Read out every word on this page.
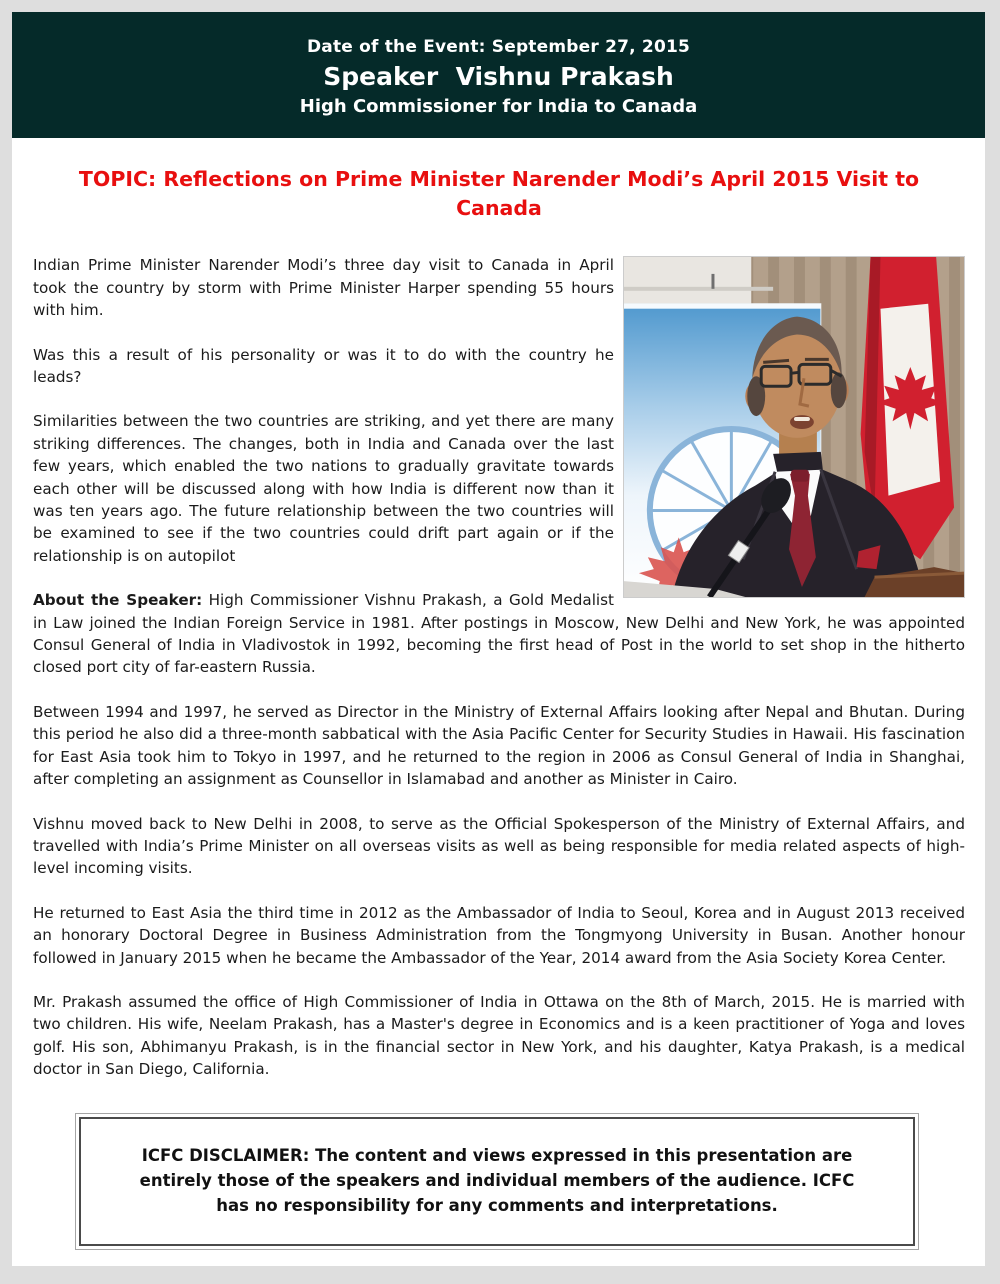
Date of the Event: September 27, 2015
Speaker  Vishnu Prakash
High Commissioner for India to Canada
TOPIC: Reflections on Prime Minister Narender Modi’s April 2015 Visit to Canada

Indian Prime Minister Narender Modi’s three day visit to Canada in April took the country by storm with Prime Minister Harper spending 55 hours with him.

Was this a result of his personality or was it to do with the country he leads?

Similarities between the two countries are striking, and yet there are many striking differences. The changes, both in India and Canada over the last few years, which enabled the two nations to gradually gravitate towards each other will be discussed along with how India is different now than it was ten years ago. The future relationship between the two countries will be examined to see if the two countries could drift part again or if the relationship is on autopilot

About the Speaker: High Commissioner Vishnu Prakash, a Gold Medalist in Law joined the Indian Foreign Service in 1981. After postings in Moscow, New Delhi and New York, he was appointed Consul General of India in Vladivostok in 1992, becoming the first head of Post in the world to set shop in the hitherto closed port city of far-eastern Russia.

Between 1994 and 1997, he served as Director in the Ministry of External Affairs looking after Nepal and Bhutan. During this period he also did a three-month sabbatical with the Asia Pacific Center for Security Studies in Hawaii. His fascination for East Asia took him to Tokyo in 1997, and he returned to the region in 2006 as Consul General of India in Shanghai, after completing an assignment as Counsellor in Islamabad and another as Minister in Cairo.

Vishnu moved back to New Delhi in 2008, to serve as the Official Spokesperson of the Ministry of External Affairs, and travelled with India’s Prime Minister on all overseas visits as well as being responsible for media related aspects of high-level incoming visits.

He returned to East Asia the third time in 2012 as the Ambassador of India to Seoul, Korea and in August 2013 received an honorary Doctoral Degree in Business Administration from the Tongmyong University in Busan. Another honour followed in January 2015 when he became the Ambassador of the Year, 2014 award from the Asia Society Korea Center.

Mr. Prakash assumed the office of High Commissioner of India in Ottawa on the 8th of March, 2015. He is married with two children. His wife, Neelam Prakash, has a Master's degree in Economics and is a keen practitioner of Yoga and loves golf. His son, Abhimanyu Prakash, is in the financial sector in New York, and his daughter, Katya Prakash, is a medical doctor in San Diego, California.

ICFC DISCLAIMER: The content and views expressed in this presentation are entirely those of the speakers and individual members of the audience. ICFC has no responsibility for any comments and interpretations.
